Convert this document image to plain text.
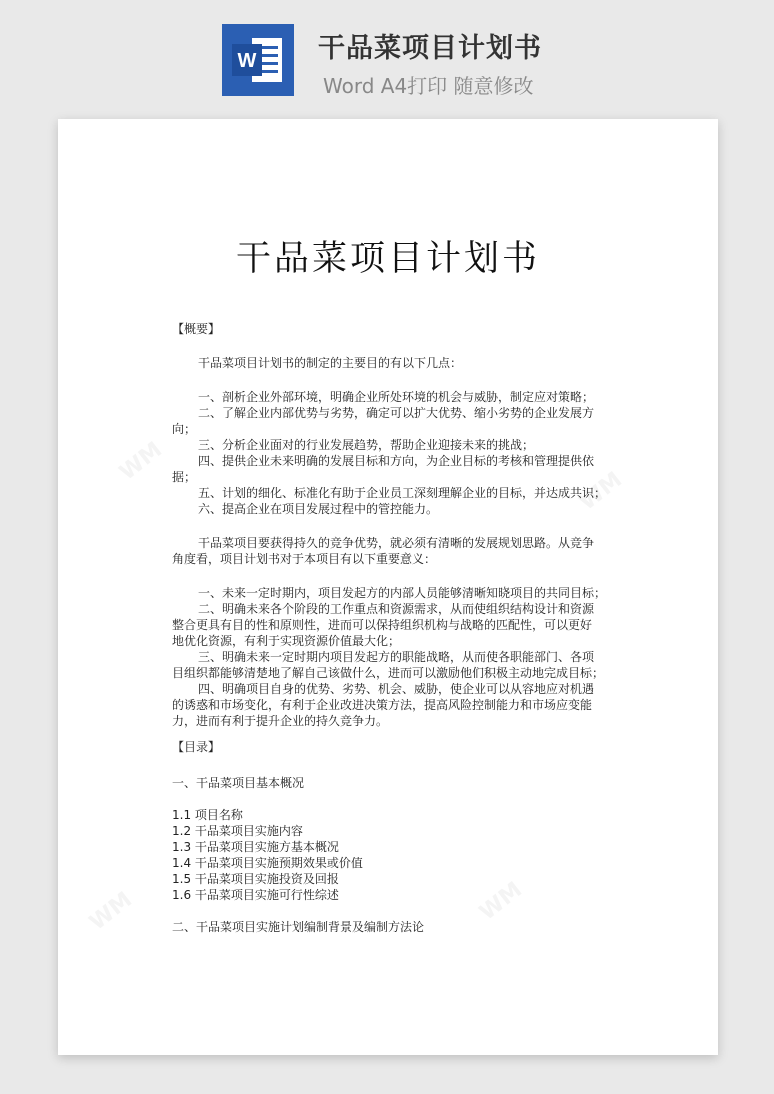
W 干品菜项目计划书
Word A4打印 随意修改
WM
WM
WM	WM
干品菜项目计划书
【概要】
干品菜项目计划书的制定的主要目的有以下几点：
一、剖析企业外部环境，明确企业所处环境的机会与威胁，制定应对策略；
二、了解企业内部优势与劣势，确定可以扩大优势、缩小劣势的企业发展方
向；
三、分析企业面对的行业发展趋势，帮助企业迎接未来的挑战；
四、提供企业未来明确的发展目标和方向，为企业目标的考核和管理提供依
据；
五、计划的细化、标准化有助于企业员工深刻理解企业的目标，并达成共识；
六、提高企业在项目发展过程中的管控能力。
干品菜项目要获得持久的竞争优势，就必须有清晰的发展规划思路。从竞争
角度看，项目计划书对于本项目有以下重要意义：
一、未来一定时期内，项目发起方的内部人员能够清晰知晓项目的共同目标；
二、明确未来各个阶段的工作重点和资源需求，从而使组织结构设计和资源
整合更具有目的性和原则性，进而可以保持组织机构与战略的匹配性，可以更好
地优化资源，有利于实现资源价值最大化；
三、明确未来一定时期内项目发起方的职能战略，从而使各职能部门、各项
目组织都能够清楚地了解自己该做什么，进而可以激励他们积极主动地完成目标；
四、明确项目自身的优势、劣势、机会、威胁，使企业可以从容地应对机遇
的诱惑和市场变化，有利于企业改进决策方法，提高风险控制能力和市场应变能
力，进而有利于提升企业的持久竞争力。
【目录】
一、干品菜项目基本概况
1.1 项目名称
1.2 干品菜项目实施内容
1.3 干品菜项目实施方基本概况
1.4 干品菜项目实施预期效果或价值
1.5 干品菜项目实施投资及回报
1.6 干品菜项目实施可行性综述
二、干品菜项目实施计划编制背景及编制方法论
